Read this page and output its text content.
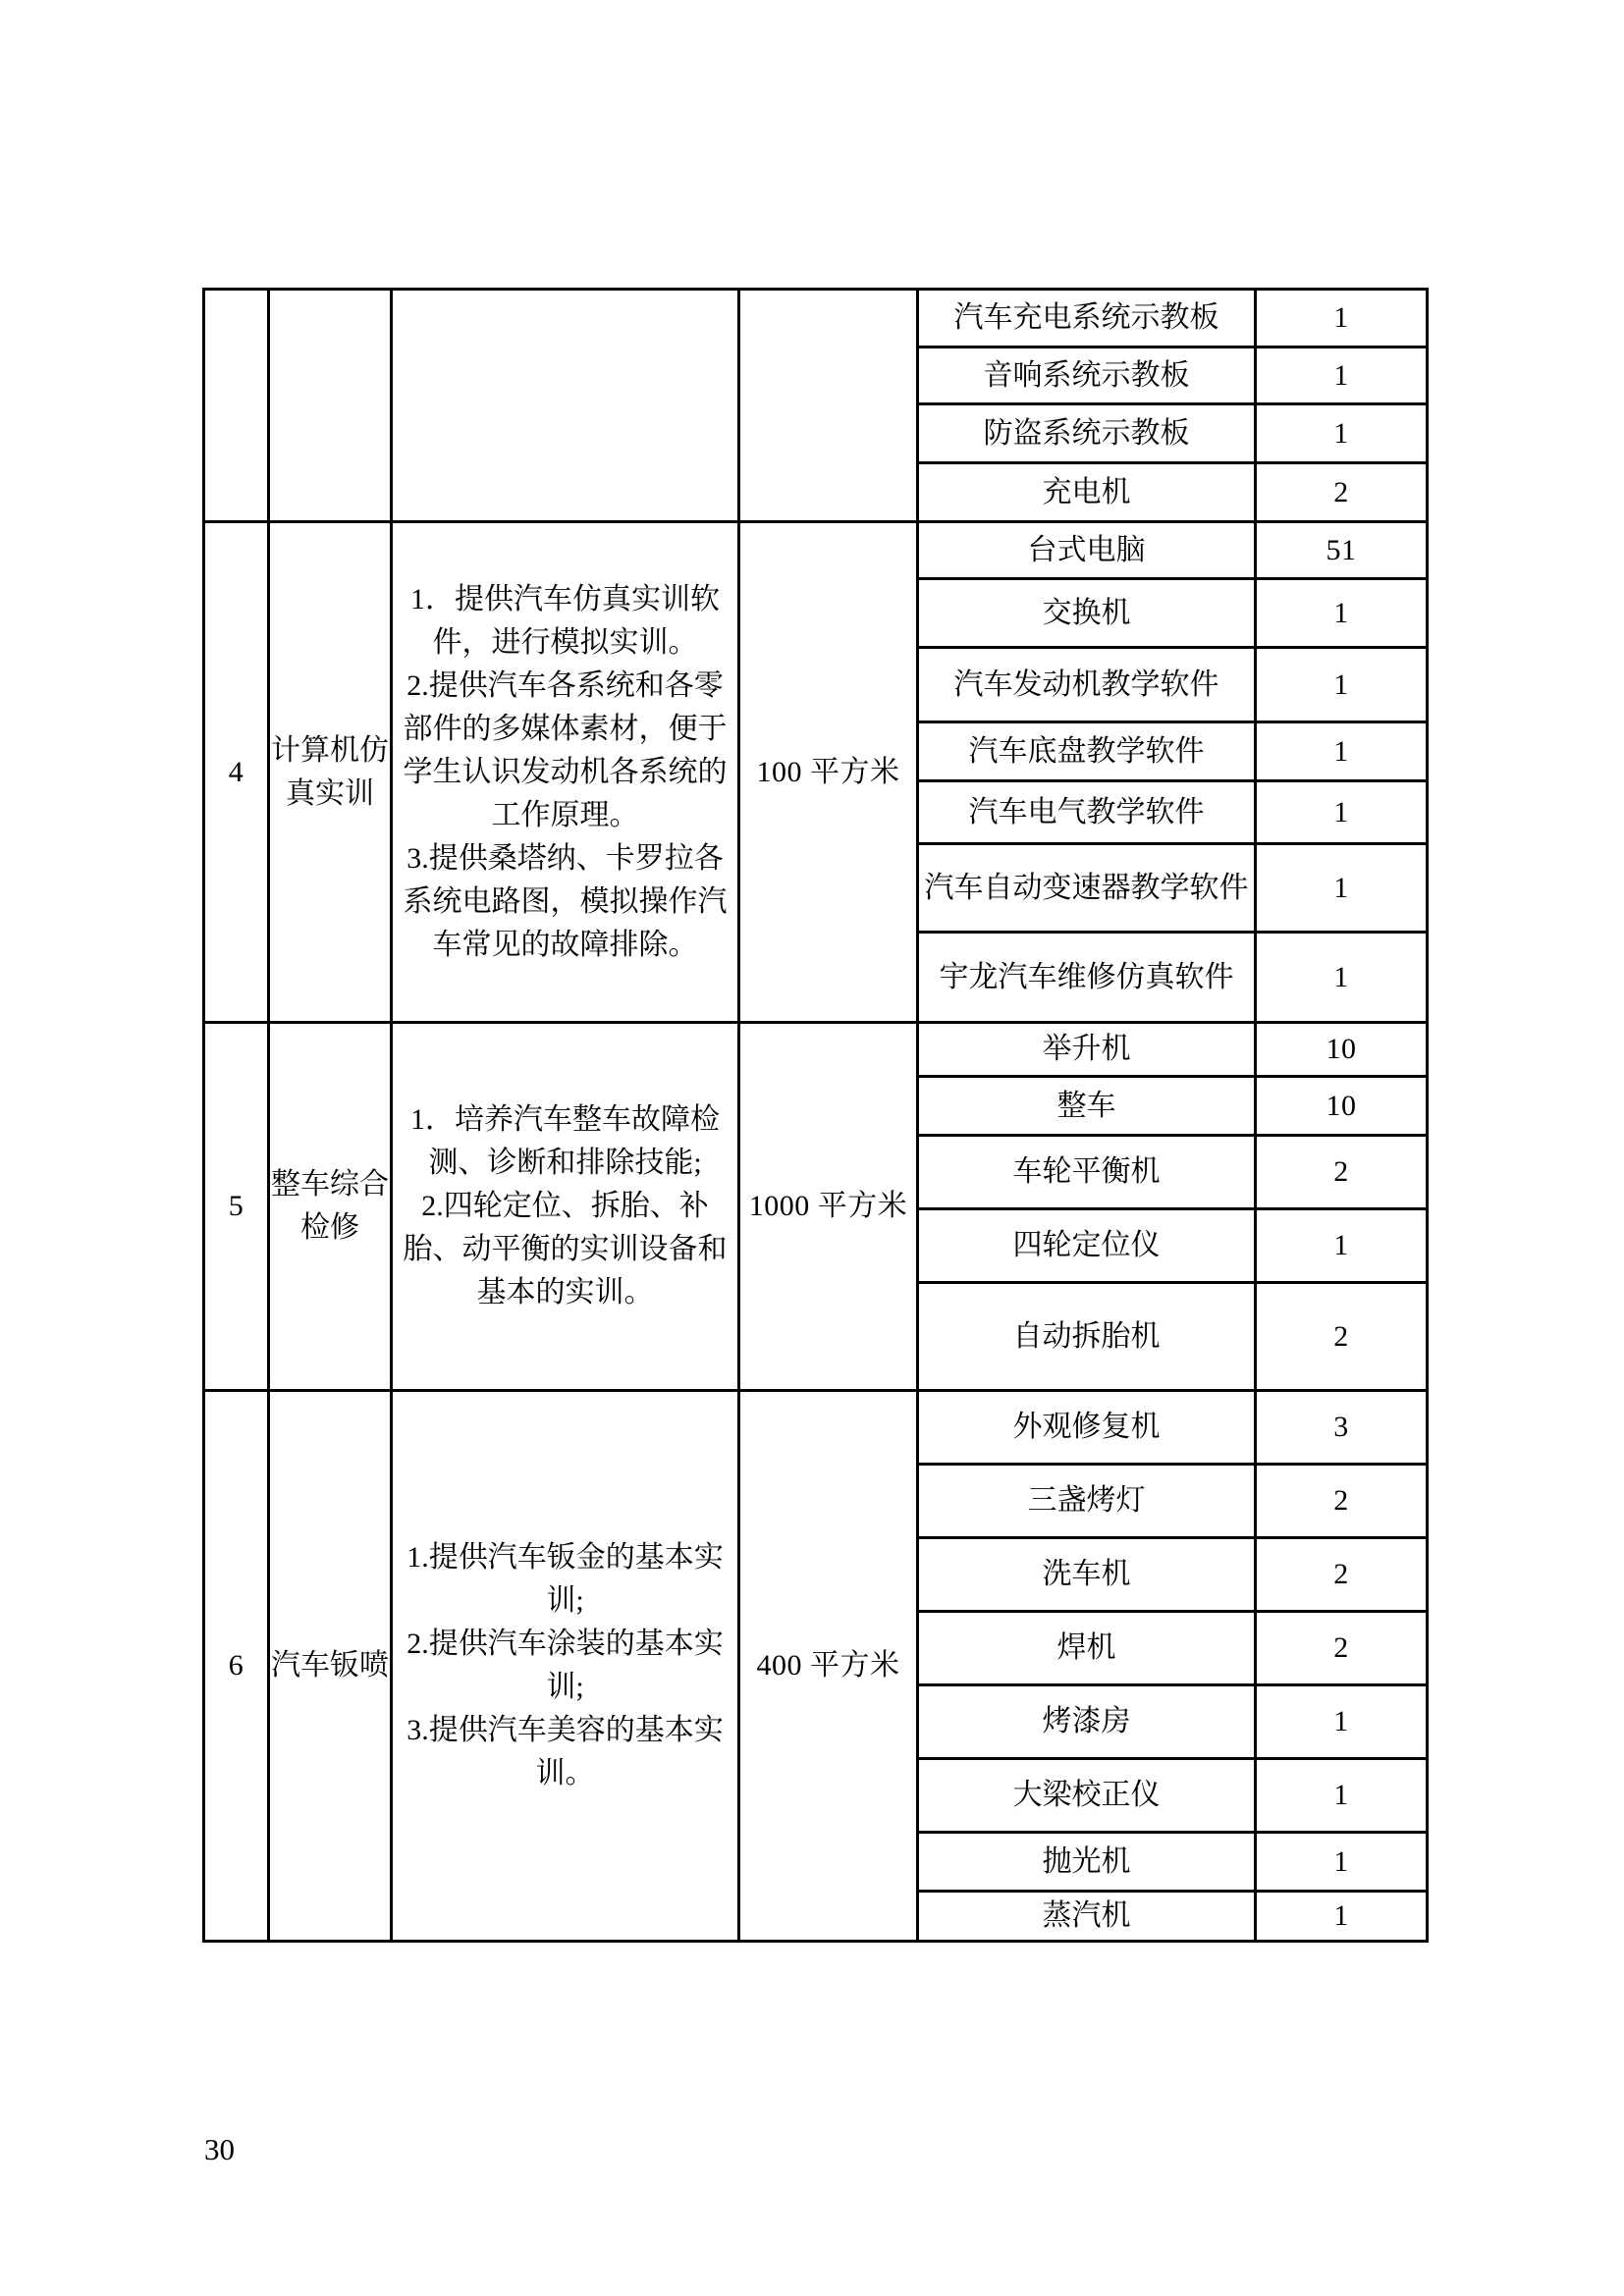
				汽车充电系统示教板	1
				音响系统示教板	1
				防盗系统示教板	1
				充电机	2
4	计算机仿真实训	1．提供汽车仿真实训软件，进行模拟实训。
2.提供汽车各系统和各零部件的多媒体素材，便于学生认识发动机各系统的工作原理。
3.提供桑塔纳、卡罗拉各系统电路图，模拟操作汽车常见的故障排除。	100 平方米	台式电脑	51
				交换机	1
				汽车发动机教学软件	1
				汽车底盘教学软件	1
				汽车电气教学软件	1
				汽车自动变速器教学软件	1
				宇龙汽车维修仿真软件	1
5	整车综合检修	1．培养汽车整车故障检测、诊断和排除技能;
2.四轮定位、拆胎、补胎、动平衡的实训设备和基本的实训。	1000 平方米	举升机	10
				整车	10
				车轮平衡机	2
				四轮定位仪	1
				自动拆胎机	2
6	汽车钣喷	1.提供汽车钣金的基本实训;
2.提供汽车涂装的基本实训;
3.提供汽车美容的基本实训。	400 平方米	外观修复机	3
				三盏烤灯	2
				洗车机	2
				焊机	2
				烤漆房	1
				大梁校正仪	1
				抛光机	1
				蒸汽机	1
30
